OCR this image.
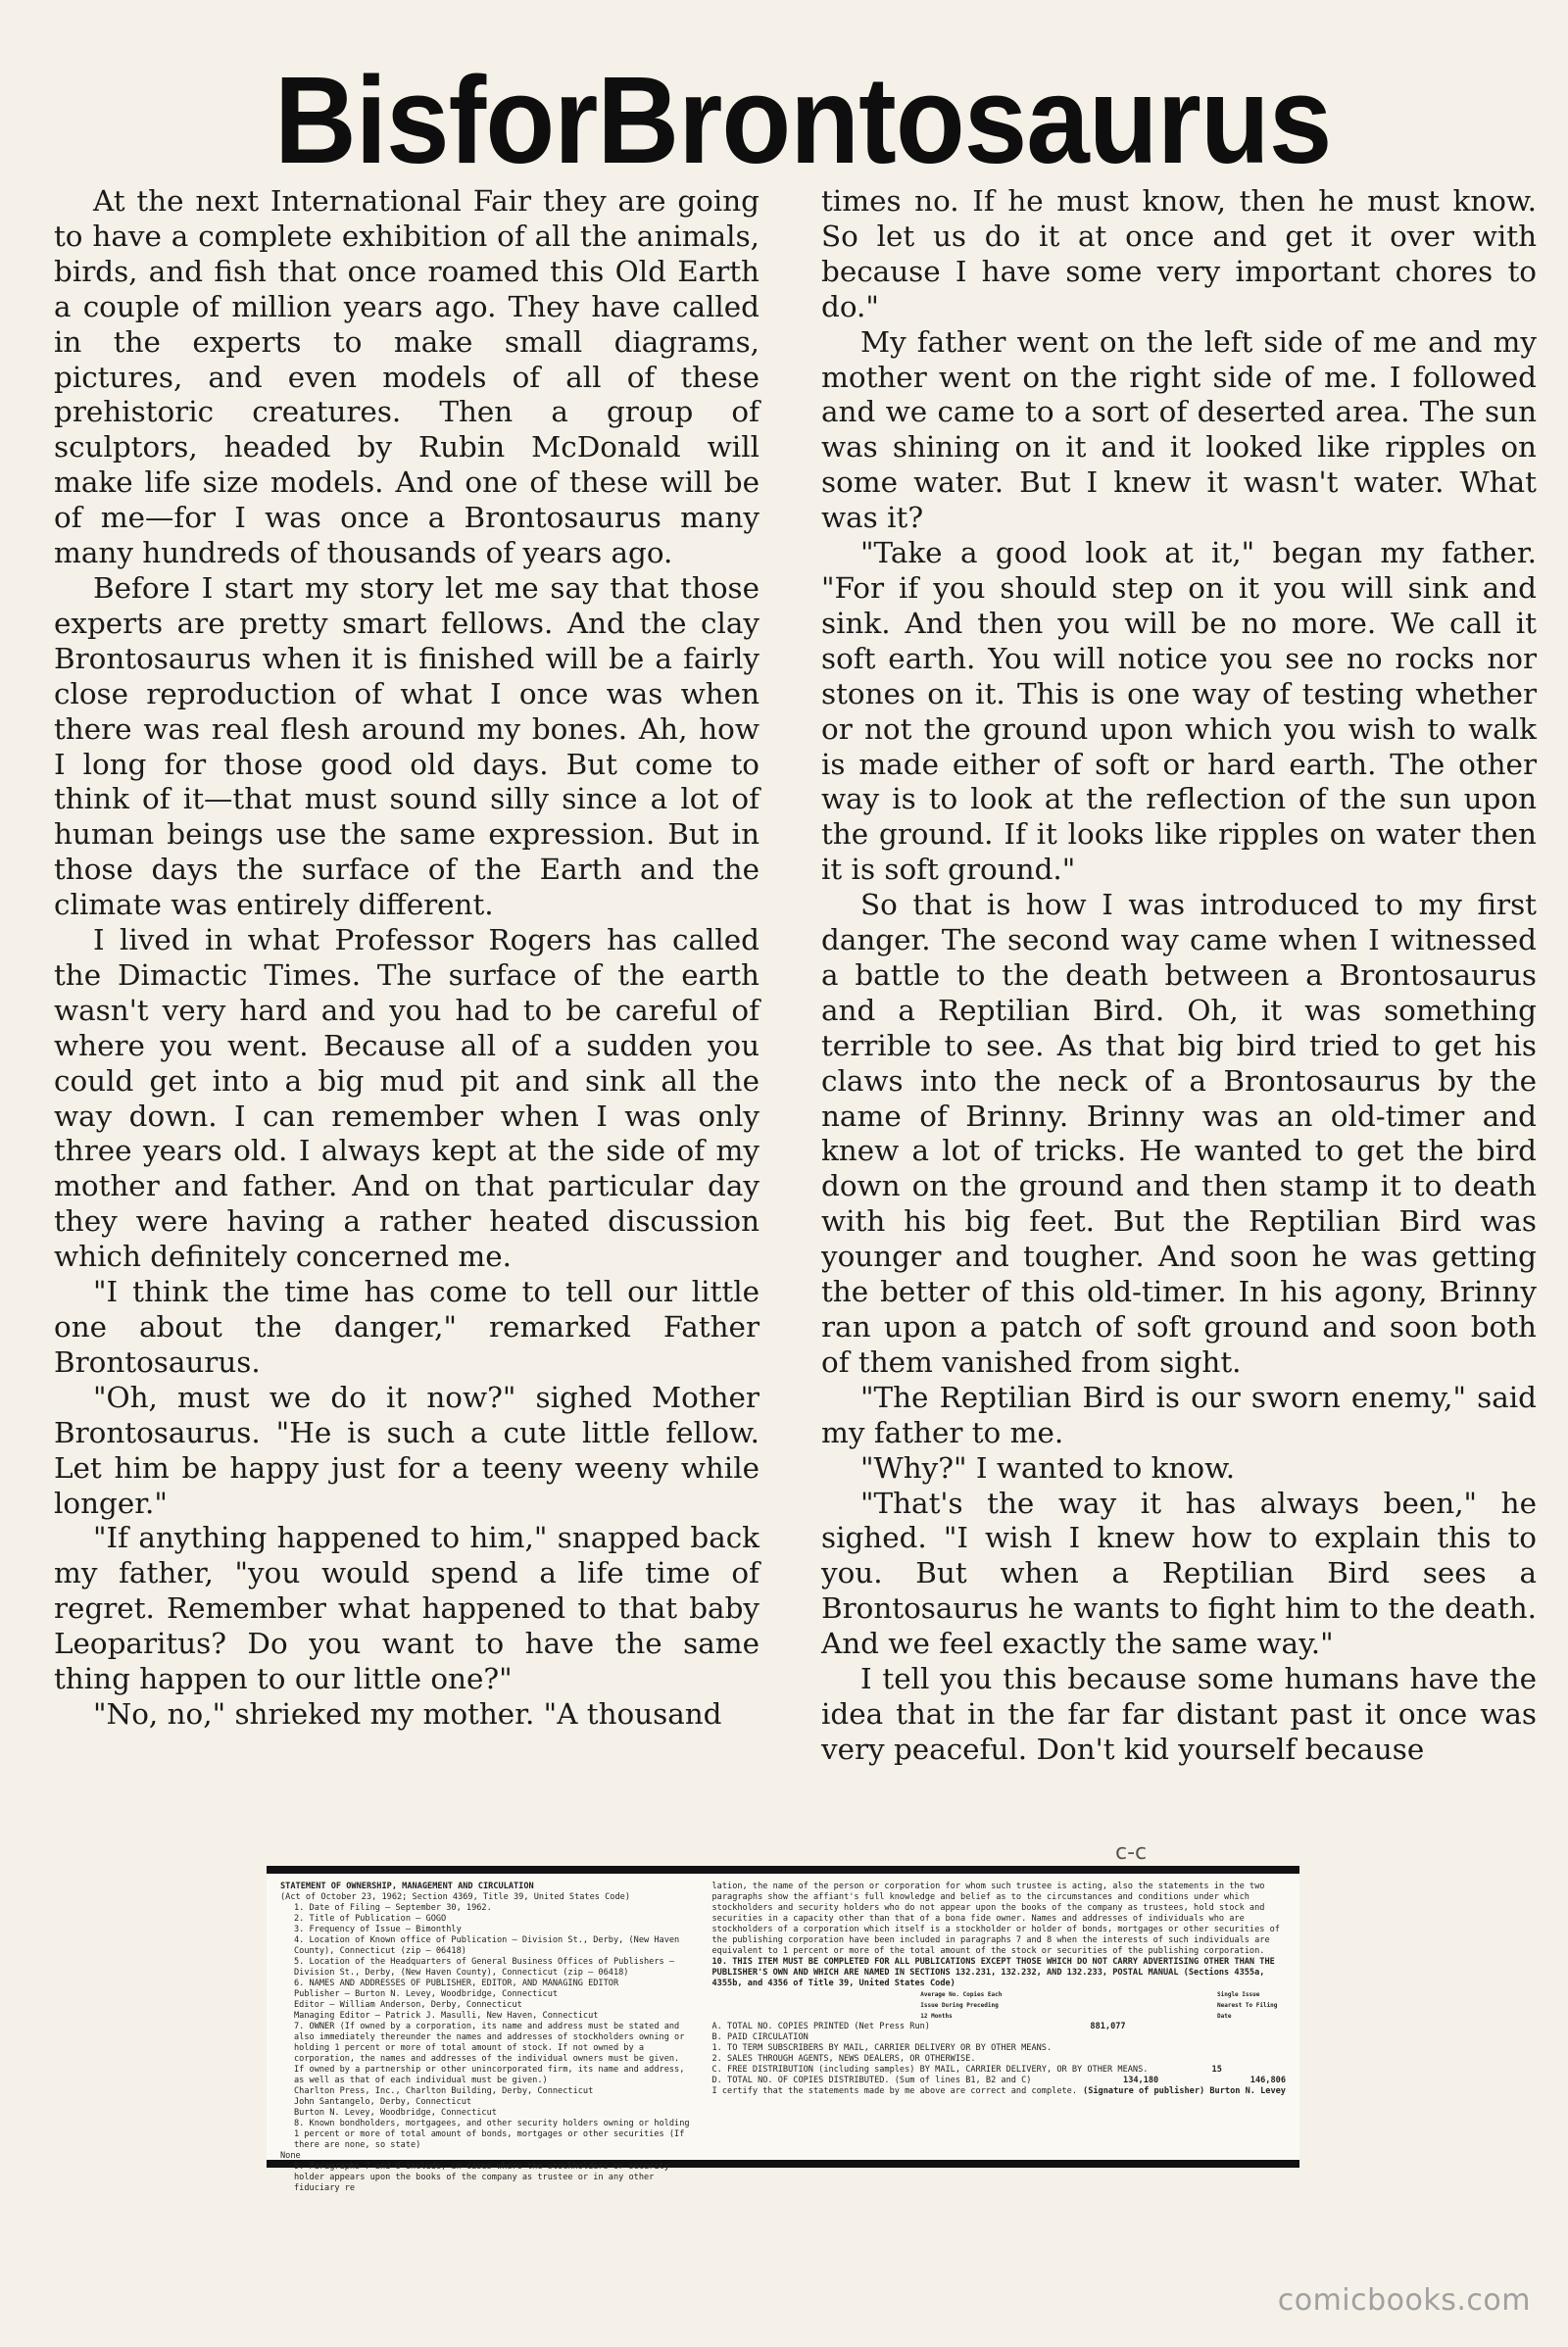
B is for Brontosaurus

At the next International Fair they are going to have a complete exhibition of all the animals, birds, and fish that once roamed this Old Earth a couple of million years ago. They have called in the experts to make small diagrams, pictures, and even models of all of these prehistoric creatures. Then a group of sculptors, headed by Rubin McDonald will make life size models. And one of these will be of me—for I was once a Brontosaurus many many hundreds of thousands of years ago.

Before I start my story let me say that those experts are pretty smart fellows. And the clay Brontosaurus when it is finished will be a fairly close reproduction of what I once was when there was real flesh around my bones. Ah, how I long for those good old days. But come to think of it—that must sound silly since a lot of human beings use the same expression. But in those days the surface of the Earth and the climate was entirely different.

I lived in what Professor Rogers has called the Dimactic Times. The surface of the earth wasn't very hard and you had to be careful of where you went. Because all of a sudden you could get into a big mud pit and sink all the way down. I can remember when I was only three years old. I always kept at the side of my mother and father. And on that particular day they were having a rather heated discussion which definitely concerned me.

"I think the time has come to tell our little one about the danger," remarked Father Brontosaurus.

"Oh, must we do it now?" sighed Mother Brontosaurus. "He is such a cute little fellow. Let him be happy just for a teeny weeny while longer."

"If anything happened to him," snapped back my father, "you would spend a life time of regret. Remember what happened to that baby Leoparitus? Do you want to have the same thing happen to our little one?"

"No, no," shrieked my mother. "A thousand

times no. If he must know, then he must know. So let us do it at once and get it over with because I have some very important chores to do."

My father went on the left side of me and my mother went on the right side of me. I followed and we came to a sort of deserted area. The sun was shining on it and it looked like ripples on some water. But I knew it wasn't water. What was it?

"Take a good look at it," began my father. "For if you should step on it you will sink and sink. And then you will be no more. We call it soft earth. You will notice you see no rocks nor stones on it. This is one way of testing whether or not the ground upon which you wish to walk is made either of soft or hard earth. The other way is to look at the reflection of the sun upon the ground. If it looks like ripples on water then it is soft ground."

So that is how I was introduced to my first danger. The second way came when I witnessed a battle to the death between a Brontosaurus and a Reptilian Bird. Oh, it was something terrible to see. As that big bird tried to get his claws into the neck of a Brontosaurus by the name of Brinny. Brinny was an old-timer and knew a lot of tricks. He wanted to get the bird down on the ground and then stamp it to death with his big feet. But the Reptilian Bird was younger and tougher. And soon he was getting the better of this old-timer. In his agony, Brinny ran upon a patch of soft ground and soon both of them vanished from sight.

"The Reptilian Bird is our sworn enemy," said my father to me.

"Why?" I wanted to know.

"That's the way it has always been," he sighed. "I wish I knew how to explain this to you. But when a Reptilian Bird sees a Brontosaurus he wants to fight him to the death. And we feel exactly the same way."

I tell you this because some humans have the idea that in the far far distant past it once was very peaceful. Don't kid yourself because

c-c
STATEMENT OF OWNERSHIP, MANAGEMENT AND CIRCULATION
(Act of October 23, 1962; Section 4369, Title 39, United States Code)
1. Date of Filing — September 30, 1962.
2. Title of Publication — GOGO
3. Frequency of Issue — Bimonthly
4. Location of Known office of Publication — Division St., Derby, (New Haven County), Connecticut (zip — 06418)
5. Location of the Headquarters of General Business Offices of Publishers — Division St., Derby, (New Haven County), Connecticut (zip — 06418)
6. NAMES AND ADDRESSES OF PUBLISHER, EDITOR, AND MANAGING EDITOR
Publisher — Burton N. Levey, Woodbridge, Connecticut
Editor — William Anderson, Derby, Connecticut
Managing Editor — Patrick J. Masulli, New Haven, Connecticut
7. OWNER (If owned by a corporation, its name and address must be stated and also immediately thereunder the names and addresses of stockholders owning or holding 1 percent or more of total amount of stock. If not owned by a corporation, the names and addresses of the individual owners must be given. If owned by a partnership or other unincorporated firm, its name and address, as well as that of each individual must be given.)
Charlton Press, Inc., Charlton Building, Derby, Connecticut
John Santangelo, Derby, Connecticut
Burton N. Levey, Woodbridge, Connecticut
8. Known bondholders, mortgagees, and other security holders owning or holding 1 percent or more of total amount of bonds, mortgages or other securities (If there are none, so state)
None
9. Paragraphs 7 and 8 include, in cases where the stockholders or security holder appears upon the books of the company as trustee or in any other fiduciary re
lation, the name of the person or corporation for whom such trustee is acting, also the statements in the two paragraphs show the affiant's full knowledge and belief as to the circumstances and conditions under which stockholders and security holders who do not appear upon the books of the company as trustees, hold stock and securities in a capacity other than that of a bona fide owner. Names and addresses of individuals who are stockholders of a corporation which itself is a stockholder or holder of bonds, mortgages or other securities of the publishing corporation have been included in paragraphs 7 and 8 when the interests of such individuals are equivalent to 1 percent or more of the total amount of the stock or securities of the publishing corporation.
10. THIS ITEM MUST BE COMPLETED FOR ALL PUBLICATIONS EXCEPT THOSE WHICH DO NOT CARRY ADVERTISING OTHER THAN THE PUBLISHER'S OWN AND WHICH ARE NAMED IN SECTIONS 132.231, 132.232, AND 132.233, POSTAL MANUAL (Sections 4355a, 4355b, and 4356 of Title 39, United States Code)
Average No. Copies Each Issue During Preceding 12 Months
Single Issue Nearest To Filing Date
A. TOTAL NO. COPIES PRINTED (Net Press Run)	881,077
B. PAID CIRCULATION
1. TO TERM SUBSCRIBERS BY MAIL, CARRIER DELIVERY OR BY OTHER MEANS.
2. SALES THROUGH AGENTS, NEWS DEALERS, OR OTHERWISE.
C. FREE DISTRIBUTION (including samples) BY MAIL, CARRIER DELIVERY, OR BY OTHER MEANS.	15
D. TOTAL NO. OF COPIES DISTRIBUTED. (Sum of lines B1, B2 and C)	134,180	146,806
I certify that the statements made by me above are correct and complete. (Signature of publisher) Burton N. Levey
comicbooks.com
